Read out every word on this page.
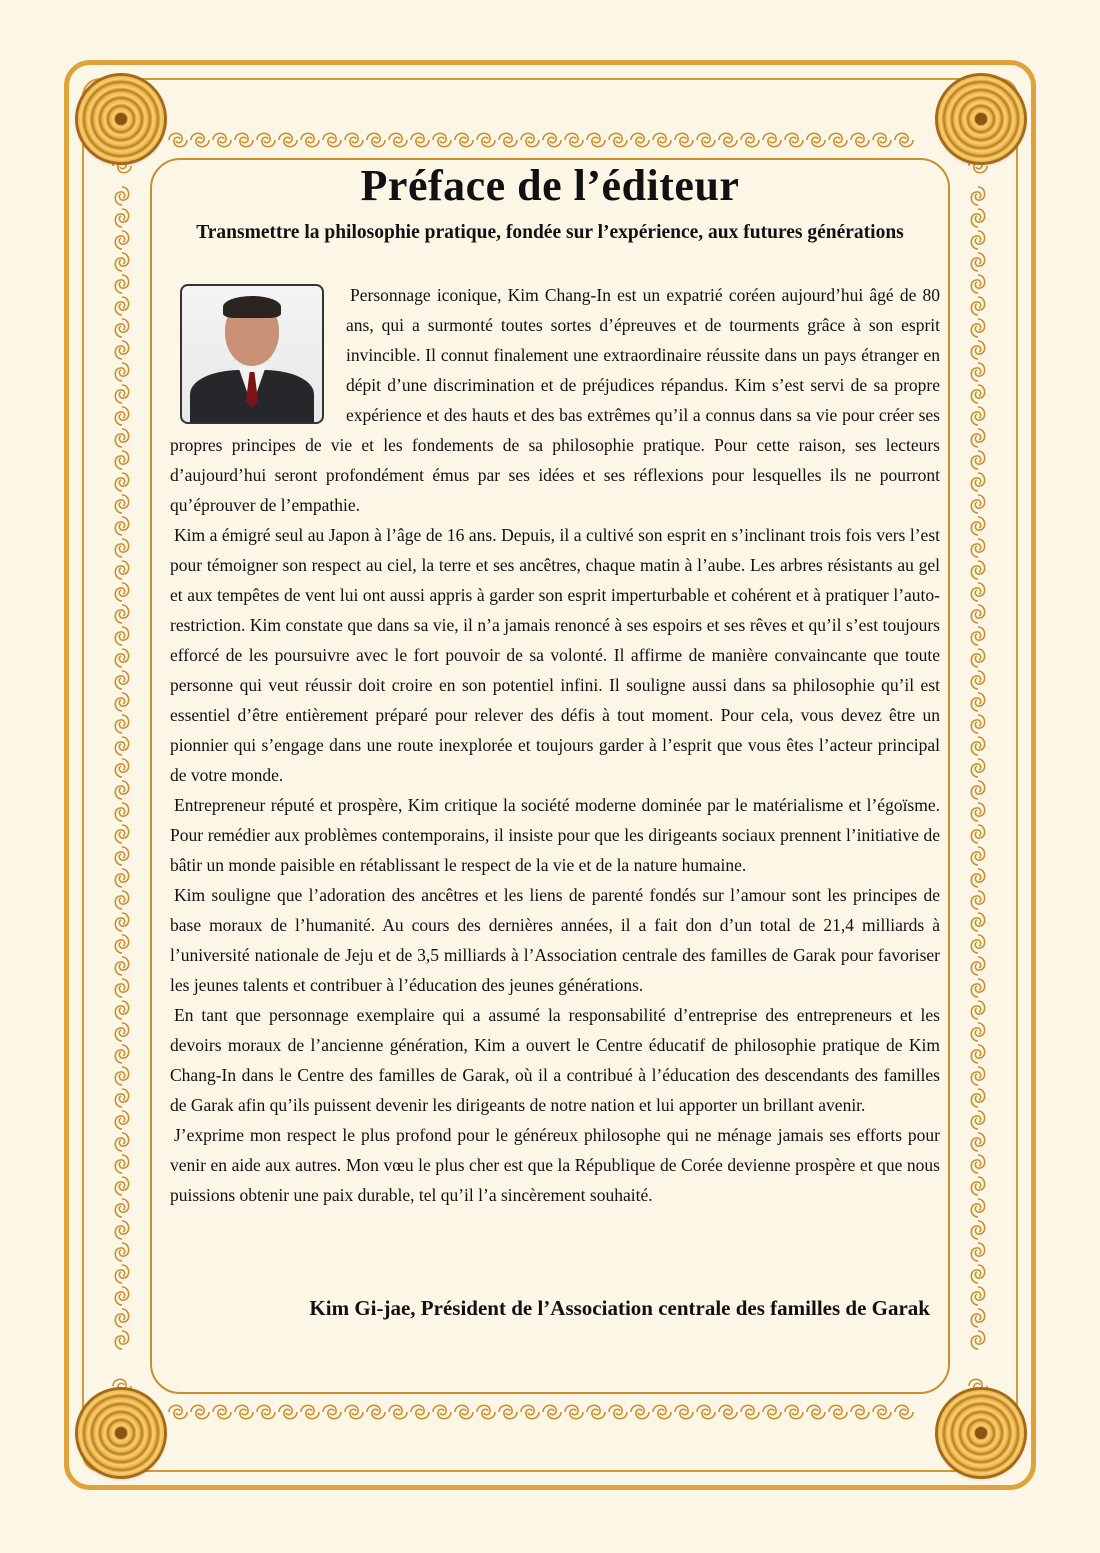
Préface de l’éditeur
Transmettre la philosophie pratique, fondée sur l’expérience, aux futures générations

Personnage iconique, Kim Chang-In est un expatrié coréen aujourd’hui âgé de 80 ans, qui a surmonté toutes sortes d’épreuves et de tourments grâce à son esprit invincible. Il connut finalement une extraordinaire réussite dans un pays étranger en dépit d’une discrimination et de préjudices répandus. Kim s’est servi de sa propre expérience et des hauts et des bas extrêmes qu’il a connus dans sa vie pour créer ses propres principes de vie et les fondements de sa philosophie pratique. Pour cette raison, ses lecteurs d’aujourd’hui seront profondément émus par ses idées et ses réflexions pour lesquelles ils ne pourront qu’éprouver de l’empathie.

Kim a émigré seul au Japon à l’âge de 16 ans. Depuis, il a cultivé son esprit en s’inclinant trois fois vers l’est pour témoigner son respect au ciel, la terre et ses ancêtres, chaque matin à l’aube. Les arbres résistants au gel et aux tempêtes de vent lui ont aussi appris à garder son esprit imperturbable et cohérent et à pratiquer l’auto-restriction. Kim constate que dans sa vie, il n’a jamais renoncé à ses espoirs et ses rêves et qu’il s’est toujours efforcé de les poursuivre avec le fort pouvoir de sa volonté. Il affirme de manière convaincante que toute personne qui veut réussir doit croire en son potentiel infini. Il souligne aussi dans sa philosophie qu’il est essentiel d’être entièrement préparé pour relever des défis à tout moment. Pour cela, vous devez être un pionnier qui s’engage dans une route inexplorée et toujours garder à l’esprit que vous êtes l’acteur principal de votre monde.

Entrepreneur réputé et prospère, Kim critique la société moderne dominée par le matérialisme et l’égoïsme. Pour remédier aux problèmes contemporains, il insiste pour que les dirigeants sociaux prennent l’initiative de bâtir un monde paisible en rétablissant le respect de la vie et de la nature humaine.

Kim souligne que l’adoration des ancêtres et les liens de parenté fondés sur l’amour sont les principes de base moraux de l’humanité. Au cours des dernières années, il a fait don d’un total de 21,4 milliards à l’université nationale de Jeju et de 3,5 milliards à l’Association centrale des familles de Garak pour favoriser les jeunes talents et contribuer à l’éducation des jeunes générations.

En tant que personnage exemplaire qui a assumé la responsabilité d’entreprise des entrepreneurs et les devoirs moraux de l’ancienne génération, Kim a ouvert le Centre éducatif de philosophie pratique de Kim Chang-In dans le Centre des familles de Garak, où il a contribué à l’éducation des descendants des familles de Garak afin qu’ils puissent devenir les dirigeants de notre nation et lui apporter un brillant avenir.

J’exprime mon respect le plus profond pour le généreux philosophe qui ne ménage jamais ses efforts pour venir en aide aux autres. Mon vœu le plus cher est que la République de Corée devienne prospère et que nous puissions obtenir une paix durable, tel qu’il l’a sincèrement souhaité.

Kim Gi-jae, Président de l’Association centrale des familles de Garak
